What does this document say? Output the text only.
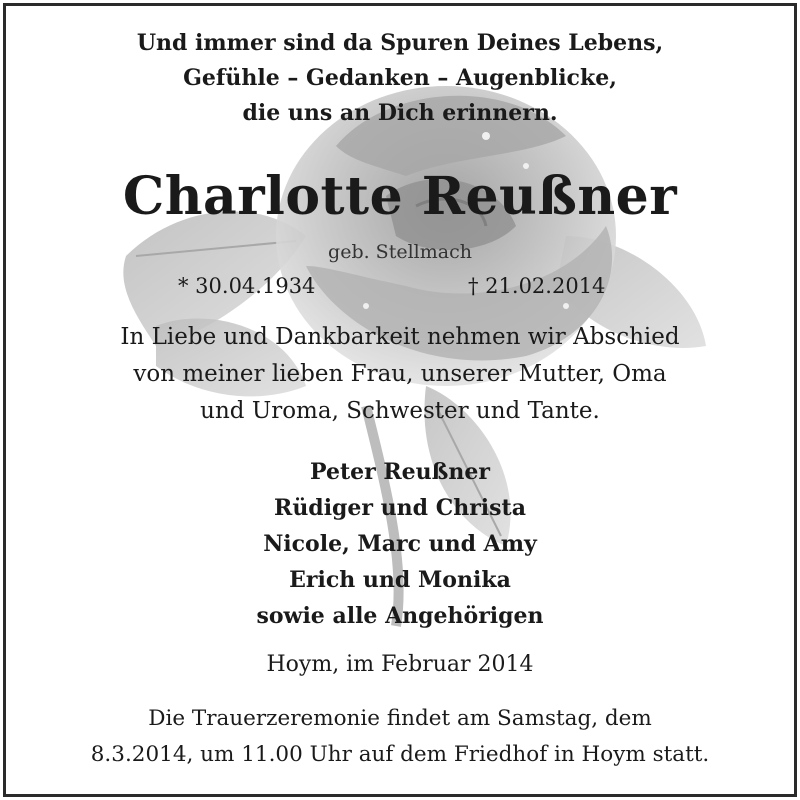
Und immer sind da Spuren Deines Lebens,
Gefühle – Gedanken – Augenblicke,
die uns an Dich erinnern.
Charlotte Reußner
geb. Stellmach
* 30.04.1934	† 21.02.2014
In Liebe und Dankbarkeit nehmen wir Abschied
von meiner lieben Frau, unserer Mutter, Oma
und Uroma, Schwester und Tante.
Peter Reußner
Rüdiger und Christa
Nicole, Marc und Amy
Erich und Monika
sowie alle Angehörigen
Hoym, im Februar 2014
Die Trauerzeremonie findet am Samstag, dem
8.3.2014, um 11.00 Uhr auf dem Friedhof in Hoym statt.
